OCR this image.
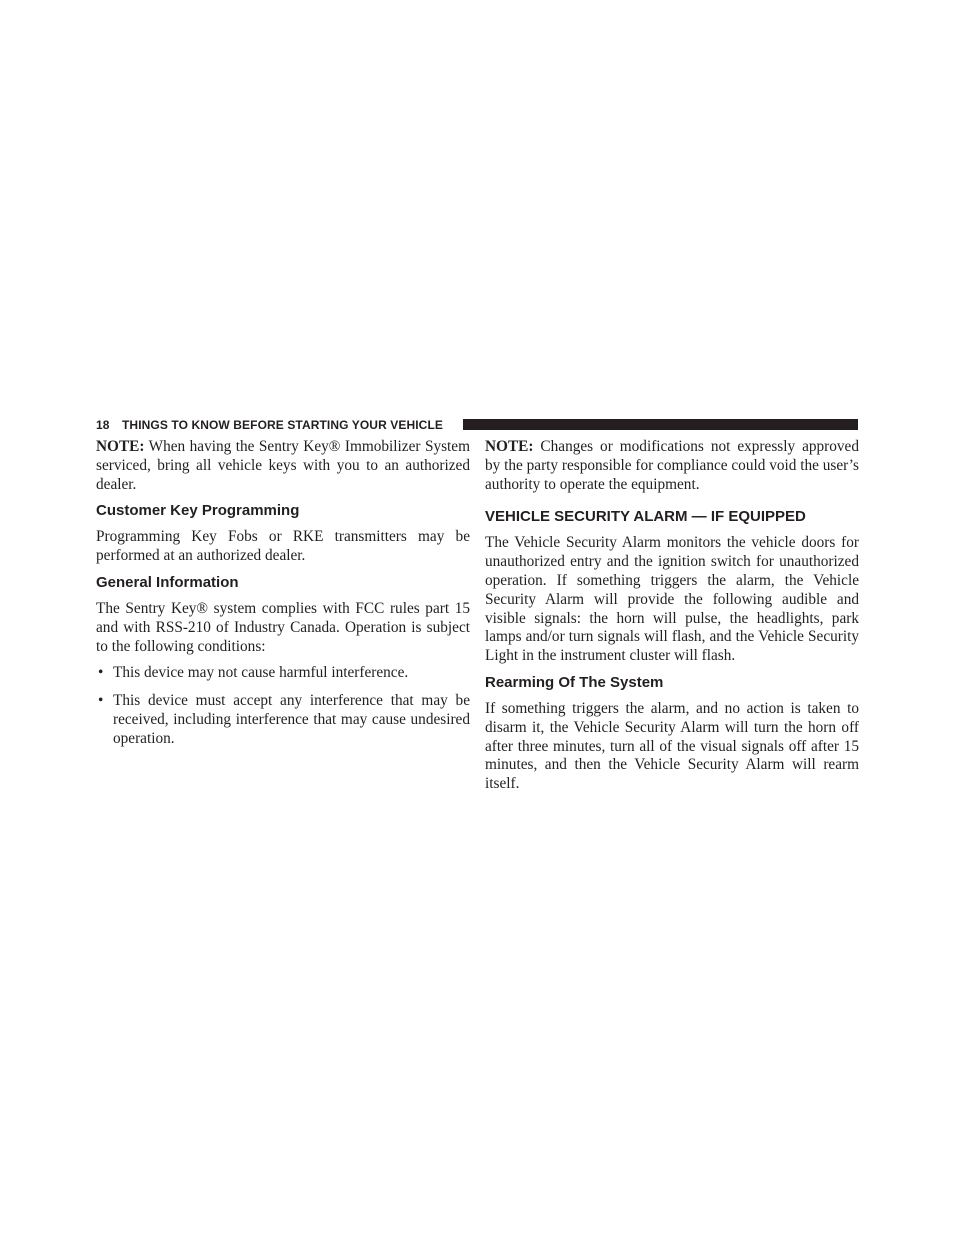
18 THINGS TO KNOW BEFORE STARTING YOUR VEHICLE

NOTE: When having the Sentry Key® Immobilizer System serviced, bring all vehicle keys with you to an authorized dealer.

Customer Key Programming

Programming Key Fobs or RKE transmitters may be performed at an authorized dealer.

General Information

The Sentry Key® system complies with FCC rules part 15 and with RSS-210 of Industry Canada. Operation is subject to the following conditions:

• This device may not cause harmful interference.
• This device must accept any interference that may be received, including interference that may cause undesired operation.

NOTE: Changes or modifications not expressly approved by the party responsible for compliance could void the user’s authority to operate the equipment.

VEHICLE SECURITY ALARM — IF EQUIPPED

The Vehicle Security Alarm monitors the vehicle doors for unauthorized entry and the ignition switch for unauthorized operation. If something triggers the alarm, the Vehicle Security Alarm will provide the following audible and visible signals: the horn will pulse, the headlights, park lamps and/or turn signals will flash, and the Vehicle Security Light in the instrument cluster will flash.

Rearming Of The System

If something triggers the alarm, and no action is taken to disarm it, the Vehicle Security Alarm will turn the horn off after three minutes, turn all of the visual signals off after 15 minutes, and then the Vehicle Security Alarm will rearm itself.
